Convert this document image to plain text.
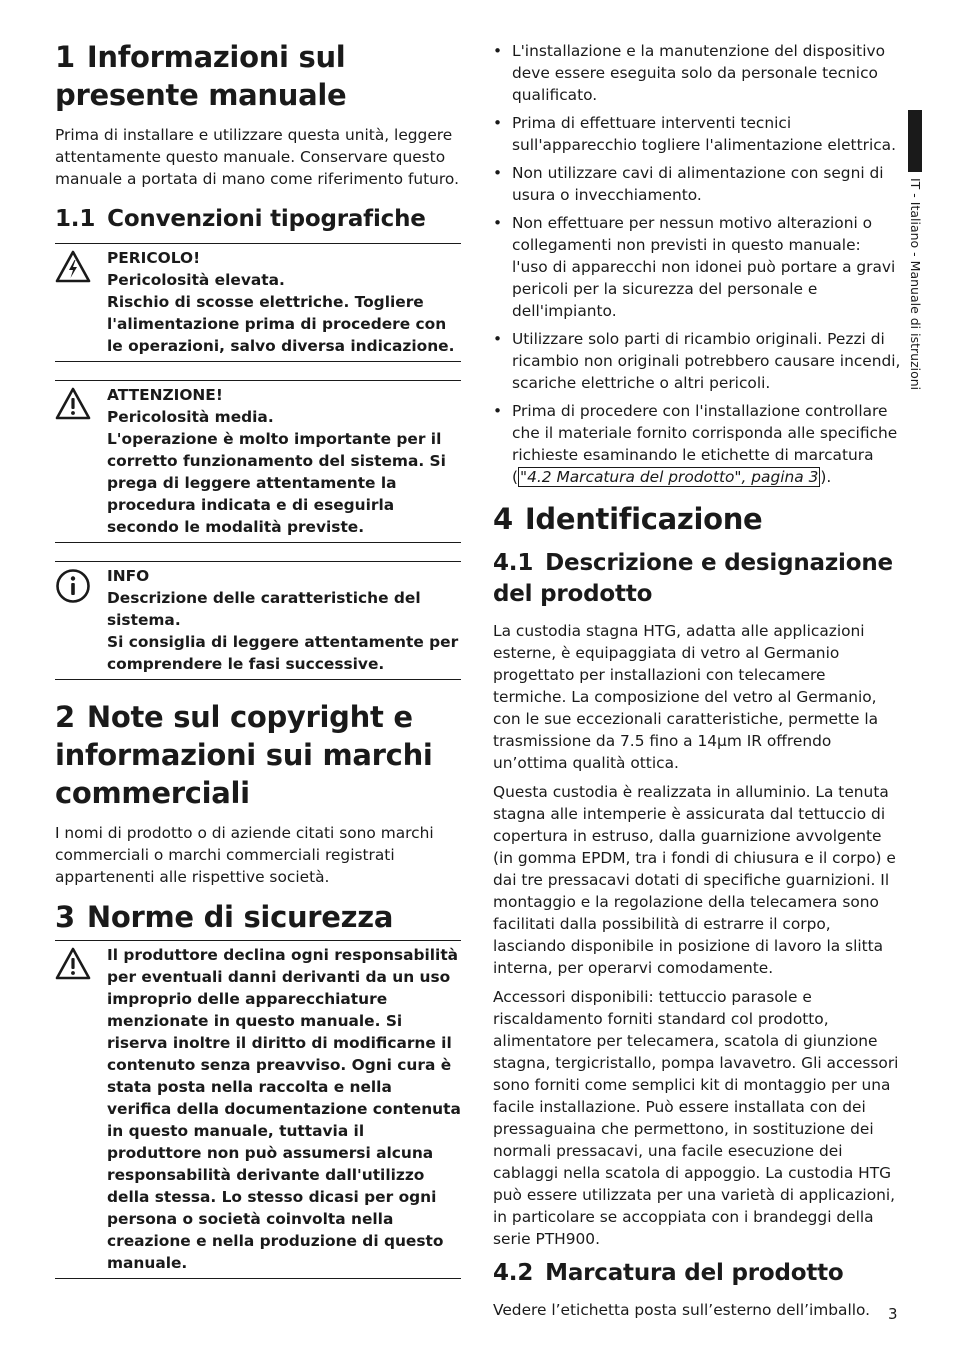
IT - Italiano - Manuale di istruzioni
1 Informazioni sul presente manuale

Prima di installare e utilizzare questa unità, leggere attentamente questo manuale. Conservare questo manuale a portata di mano come riferimento futuro.

1.1 Convenzioni tipografiche
PERICOLO!
Pericolosità elevata.
Rischio di scosse elettriche. Togliere l'alimentazione prima di procedere con le operazioni, salvo diversa indicazione.
ATTENZIONE!
Pericolosità media.
L'operazione è molto importante per il corretto funzionamento del sistema. Si prega di leggere attentamente la procedura indicata e di eseguirla secondo le modalità previste.
INFO
Descrizione delle caratteristiche del sistema.
Si consiglia di leggere attentamente per comprendere le fasi successive.
2 Note sul copyright e informazioni sui marchi commerciali

I nomi di prodotto o di aziende citati sono marchi commerciali o marchi commerciali registrati appartenenti alle rispettive società.

3 Norme di sicurezza
Il produttore declina ogni responsabilità per eventuali danni derivanti da un uso improprio delle apparecchiature menzionate in questo manuale. Si riserva inoltre il diritto di modificarne il contenuto senza preavviso. Ogni cura è stata posta nella raccolta e nella verifica della documentazione contenuta in questo manuale, tuttavia il produttore non può assumersi alcuna responsabilità derivante dall'utilizzo della stessa. Lo stesso dicasi per ogni persona o società coinvolta nella creazione e nella produzione di questo manuale.
• L'installazione e la manutenzione del dispositivo deve essere eseguita solo da personale tecnico qualificato.
• Prima di effettuare interventi tecnici sull'apparecchio togliere l'alimentazione elettrica.
• Non utilizzare cavi di alimentazione con segni di usura o invecchiamento.
• Non effettuare per nessun motivo alterazioni o collegamenti non previsti in questo manuale: l'uso di apparecchi non idonei può portare a gravi pericoli per la sicurezza del personale e dell'impianto.
• Utilizzare solo parti di ricambio originali. Pezzi di ricambio non originali potrebbero causare incendi, scariche elettriche o altri pericoli.
• Prima di procedere con l'installazione controllare che il materiale fornito corrisponda alle specifiche richieste esaminando le etichette di marcatura ( "4.2 Marcatura del prodotto", pagina 3 ).
4 Identificazione
4.1 Descrizione e designazione del prodotto

La custodia stagna HTG, adatta alle applicazioni esterne, è equipaggiata di vetro al Germanio progettato per installazioni con telecamere termiche. La composizione del vetro al Germanio, con le sue eccezionali caratteristiche, permette la trasmissione da 7.5 fino a 14µm IR offrendo un’ottima qualità ottica.

Questa custodia è realizzata in alluminio. La tenuta stagna alle intemperie è assicurata dal tettuccio di copertura in estruso, dalla guarnizione avvolgente (in gomma EPDM, tra i fondi di chiusura e il corpo) e dai tre pressacavi dotati di specifiche guarnizioni. Il montaggio e la regolazione della telecamera sono facilitati dalla possibilità di estrarre il corpo, lasciando disponibile in posizione di lavoro la slitta interna, per operarvi comodamente.

Accessori disponibili: tettuccio parasole e riscaldamento forniti standard col prodotto, alimentatore per telecamera, scatola di giunzione stagna, tergicristallo, pompa lavavetro. Gli accessori sono forniti come semplici kit di montaggio per una facile installazione. Può essere installata con dei pressaguaina che permettono, in sostituzione dei normali pressacavi, una facile esecuzione dei cablaggi nella scatola di appoggio. La custodia HTG può essere utilizzata per una varietà di applicazioni, in particolare se accoppiata con i brandeggi della serie PTH900.

4.2 Marcatura del prodotto

Vedere l’etichetta posta sull’esterno dell’imballo.	3
